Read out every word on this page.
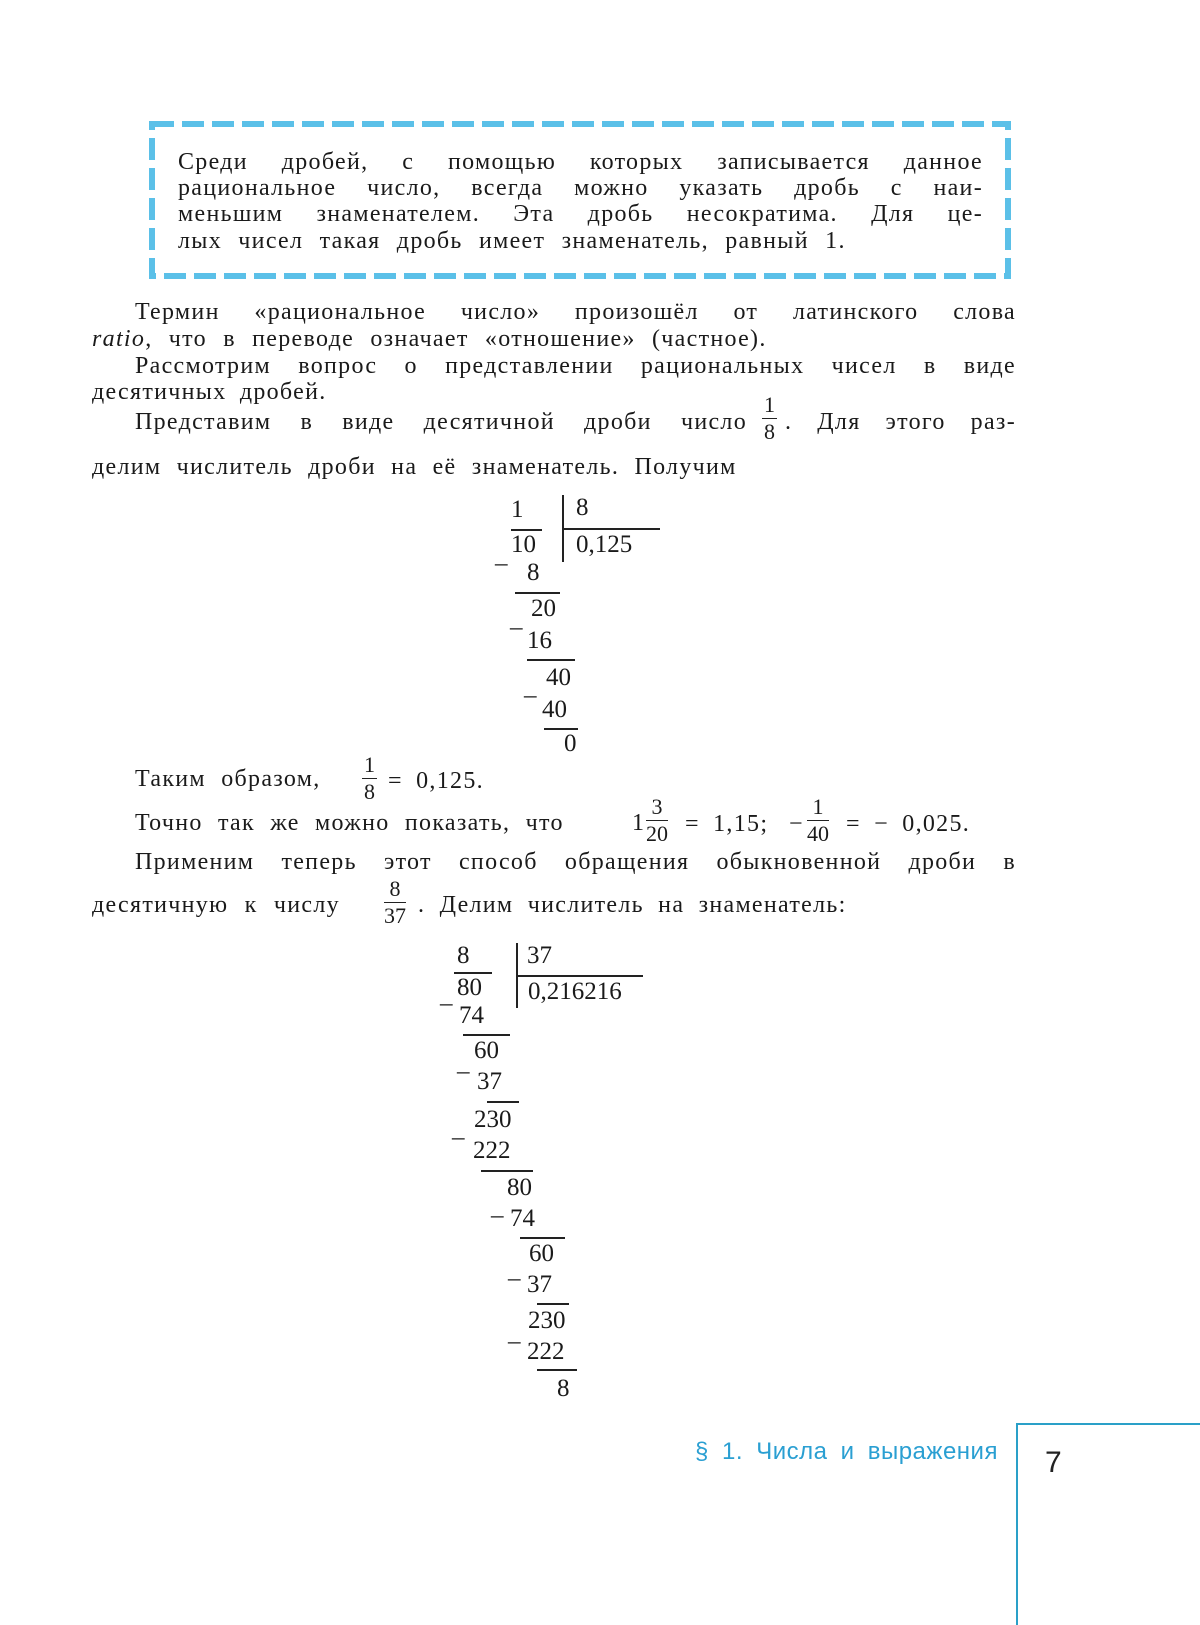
Среди дробей, с помощью которых записывается данное
рациональное число, всегда можно указать дробь с наи-
меньшим знаменателем. Эта дробь несократима. Для це-
лых чисел такая дробь имеет знаменатель, равный 1.
Термин «рациональное число» произошёл от латинского слова
ratio, что в переводе означает «отношение» (частное).
Рассмотрим вопрос о представлении рациональных чисел в виде
десятичных дробей.
Представим в виде десятичной дроби число $\frac{1}{8}$ . Для этого раз-
делим числитель дроби на её знаменатель. Получим
1 8
10 0,125
_
8
20
_
16
40
_
40
0
Таким образом, $\frac{1}{8} = 0,125$.
Точно так же можно показать, что	$1 \frac{3}{20} = 1,15$; − $\frac{1}{40}$ = − 0,025.
Применим теперь этот способ обращения обыкновенной дроби в
десятичную к числу $\frac{8}{37}$ . Делим числитель на знаменатель:
8 37
80 0,216216
_
74
60
_
37
230
_
222
80
_ 74
60
_
37
230
_
222
8
§ 1. Числа и выражения 7
